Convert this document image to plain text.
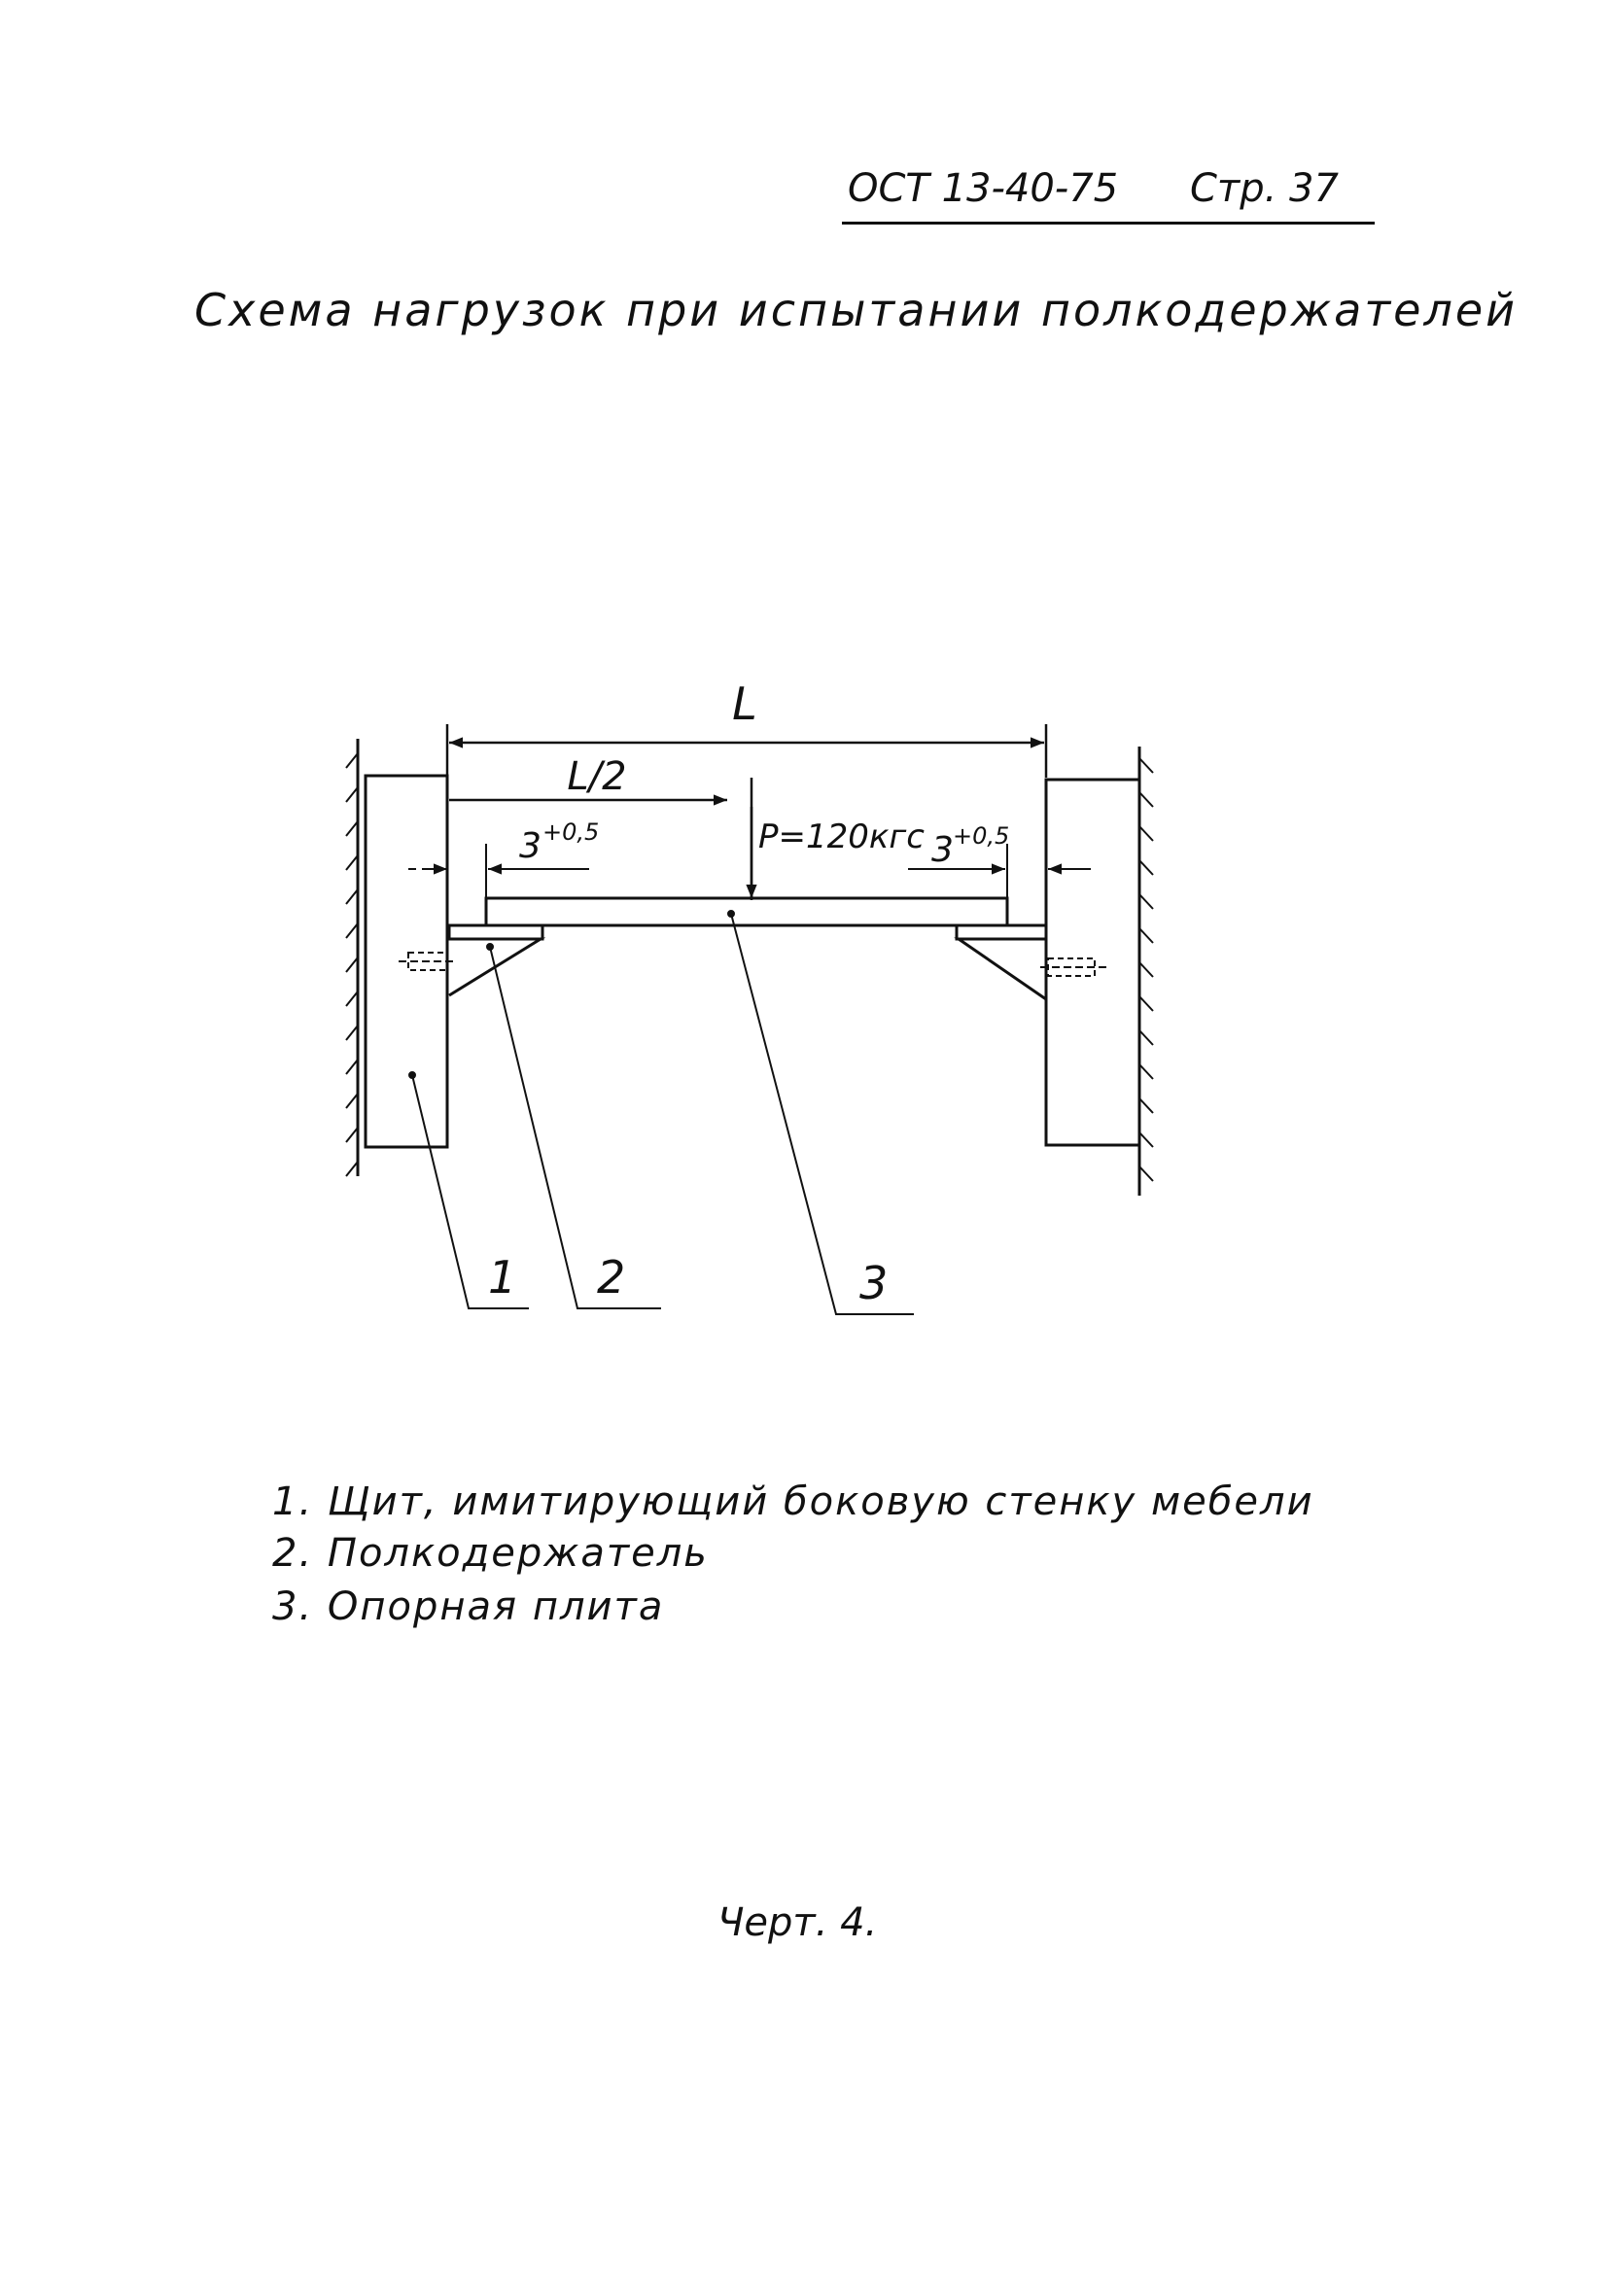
ОСТ 13-40-75 Стр. 37
Схема нагрузок при испытании полкодержателей
L
L/2
P=120кгс
3 +0,5	3 +0,5
1 2	3
1. Щит, имитирующий боковую стенку мебели
2. Полкодержатель
3. Опорная плита
Черт. 4.
